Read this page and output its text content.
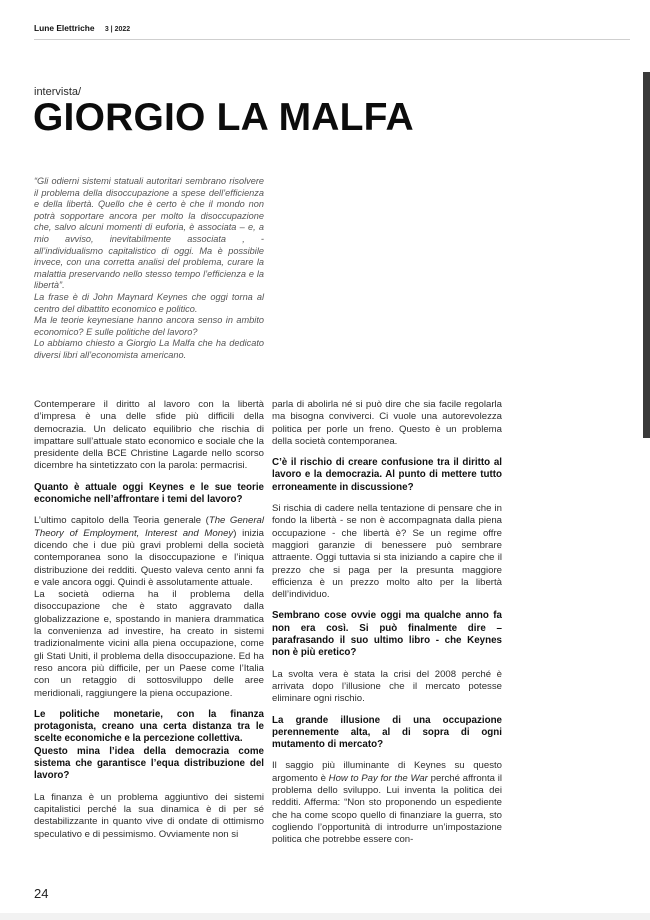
Lune Elettriche 3 | 2022
intervista/
GIORGIO LA MALFA

“Gli odierni sistemi statuali autoritari sembrano risolvere il problema della disoccupazione a spese dell’efficienza e della libertà. Quello che è certo è che il mondo non potrà sopportare ancora per molto la disoccupazione che, salvo alcuni momenti di euforia, è associata – e, a mio avviso, inevitabilmente associata , - all’individualismo capitalistico di oggi. Ma è possibile invece, con una corretta analisi del problema, curare la malattia preservando nello stesso tempo l’efficienza e la libertà”.

La frase è di John Maynard Keynes che oggi torna al centro del dibattito economico e politico.

Ma le teorie keynesiane hanno ancora senso in ambito economico? E sulle politiche del lavoro?

Lo abbiamo chiesto a Giorgio La Malfa che ha dedicato diversi libri all’economista americano.

Contemperare il diritto al lavoro con la libertà d’impresa è una delle sfide più difficili della democrazia. Un delicato equilibrio che rischia di impattare sull’attuale stato economico e sociale che la presidente della BCE Christine Lagarde nello scorso dicembre ha sintetizzato con la parola: permacrisi.

Quanto è attuale oggi Keynes e le sue teorie economiche nell’affrontare i temi del lavoro?

L’ultimo capitolo della Teoria generale (The General Theory of Employment, Interest and Money) inizia dicendo che i due più gravi problemi della società contemporanea sono la disoccupazione e l’iniqua distribuzione dei redditi. Questo valeva cento anni fa e vale ancora oggi. Quindi è assolutamente attuale.

La società odierna ha il problema della disoccupazione che è stato aggravato dalla globalizzazione e, spostando in maniera drammatica la convenienza ad investire, ha creato in sistemi tradizionalmente vicini alla piena occupazione, come gli Stati Uniti, il problema della disoccupazione. Ed ha reso ancora più difficile, per un Paese come l’Italia con un retaggio di sottosviluppo delle aree meridionali, raggiungere la piena occupazione.

Le politiche monetarie, con la finanza protagonista, creano una certa distanza tra le scelte economiche e la percezione collettiva.

Questo mina l’idea della democrazia come sistema che garantisce l’equa distribuzione del lavoro?

La finanza è un problema aggiuntivo dei sistemi capitalistici perché la sua dinamica è di per sé destabilizzante in quanto vive di ondate di ottimismo speculativo e di pessimismo. Ovviamente non si

parla di abolirla né si può dire che sia facile regolarla ma bisogna conviverci. Ci vuole una autorevolezza politica per porle un freno. Questo è un problema della società contemporanea.

C’è il rischio di creare confusione tra il diritto al lavoro e la democrazia. Al punto di mettere tutto erroneamente in discussione?

Si rischia di cadere nella tentazione di pensare che in fondo la libertà - se non è accompagnata dalla piena occupazione - che libertà è? Se un regime offre maggiori garanzie di benessere può sembrare attraente. Oggi tuttavia si sta iniziando a capire che il prezzo che si paga per la presunta maggiore efficienza è un prezzo molto alto per la libertà dell’individuo.

Sembrano cose ovvie oggi ma qualche anno fa non era così. Si può finalmente dire – parafrasando il suo ultimo libro - che Keynes non è più eretico?

La svolta vera è stata la crisi del 2008 perché è arrivata dopo l’illusione che il mercato potesse eliminare ogni rischio.

La grande illusione di una occupazione perennemente alta, al di sopra di ogni mutamento di mercato?

Il saggio più illuminante di Keynes su questo argomento è How to Pay for the War perché affronta il problema dello sviluppo. Lui inventa la politica dei redditi. Afferma: “Non sto proponendo un espediente che ha come scopo quello di finanziare la guerra, sto cogliendo l’opportunità di introdurre un’impostazione politica che potrebbe essere con-

24
